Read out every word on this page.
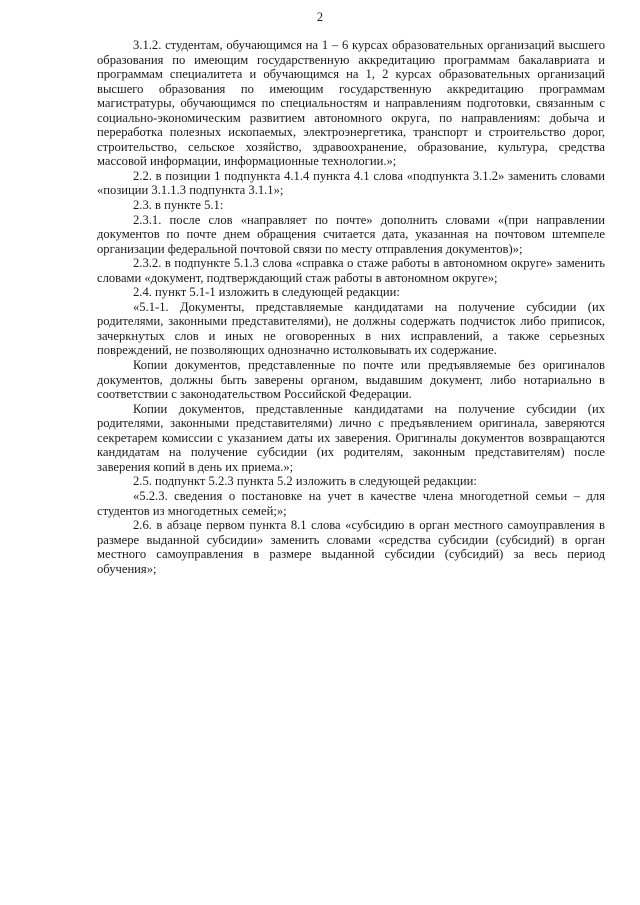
2

3.1.2. студентам, обучающимся на 1 – 6 курсах образовательных организаций высшего образования по имеющим государственную аккредитацию программам бакалавриата и программам специалитета и обучающимся на 1, 2 курсах образовательных организаций высшего образования по имеющим государственную аккредитацию программам магистратуры, обучающимся по специальностям и направлениям подготовки, связанным с социально-экономическим развитием автономного округа, по направлениям: добыча и переработка полезных ископаемых, электроэнергетика, транспорт и строительство дорог, строительство, сельское хозяйство, здравоохранение, образование, культура, средства массовой информации, информационные технологии.»;

2.2. в позиции 1 подпункта 4.1.4 пункта 4.1 слова «подпункта 3.1.2» заменить словами «позиции 3.1.1.3 подпункта 3.1.1»;

2.3. в пункте 5.1:

2.3.1. после слов «направляет по почте» дополнить словами «(при направлении документов по почте днем обращения считается дата, указанная на почтовом штемпеле организации федеральной почтовой связи по месту отправления документов)»;

2.3.2. в подпункте 5.1.3 слова «справка о стаже работы в автономном округе» заменить словами «документ, подтверждающий стаж работы в автономном округе»;

2.4. пункт 5.1-1 изложить в следующей редакции:

«5.1-1. Документы, представляемые кандидатами на получение субсидии (их родителями, законными представителями), не должны содержать подчисток либо приписок, зачеркнутых слов и иных не оговоренных в них исправлений, а также серьезных повреждений, не позволяющих однозначно истолковывать их содержание.

Копии документов, представленные по почте или предъявляемые без оригиналов документов, должны быть заверены органом, выдавшим документ, либо нотариально в соответствии с законодательством Российской Федерации.

Копии документов, представленные кандидатами на получение субсидии (их родителями, законными представителями) лично с предъявлением оригинала, заверяются секретарем комиссии с указанием даты их заверения. Оригиналы документов возвращаются кандидатам на получение субсидии (их родителям, законным представителям) после заверения копий в день их приема.»;

2.5. подпункт 5.2.3 пункта 5.2 изложить в следующей редакции:

«5.2.3. сведения о постановке на учет в качестве члена многодетной семьи – для студентов из многодетных семей;»;

2.6. в абзаце первом пункта 8.1 слова «субсидию в орган местного самоуправления в размере выданной субсидии» заменить словами «средства субсидии (субсидий) в орган местного самоуправления в размере выданной субсидии (субсидий) за весь период обучения»;
